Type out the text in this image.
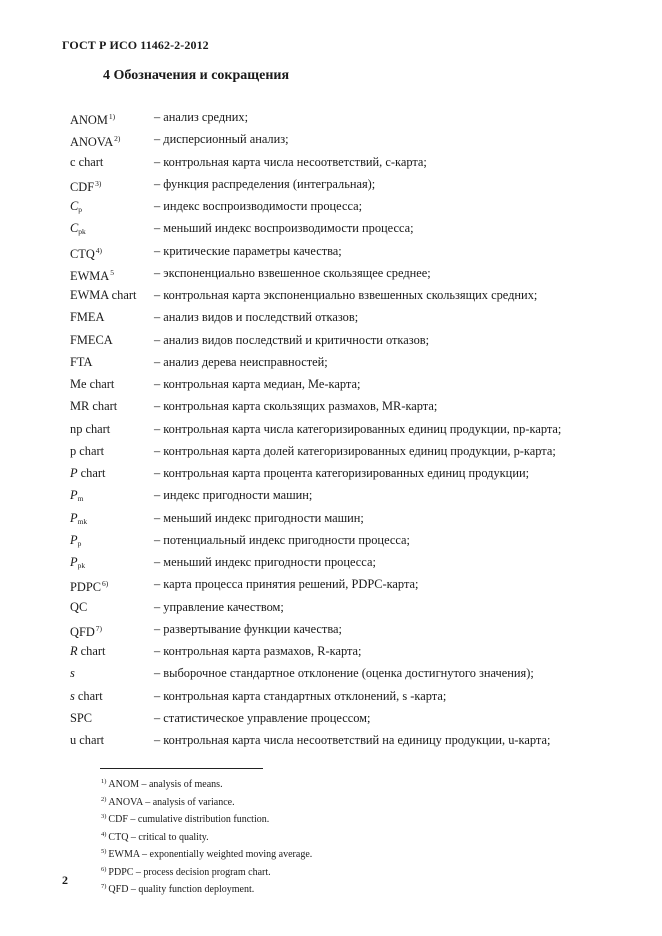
ГОСТ Р ИСО 11462-2-2012
4 Обозначения и сокращения
ANOM$^{1)}$	– анализ средних;
ANOVA$^{2)}$	– дисперсионный анализ;
c chart	– контрольная карта числа несоответствий, с-карта;
CDF$^{3)}$	– функция распределения (интегральная);
$C_p$	– индекс воспроизводимости процесса;
$C_{pk}$	– меньший индекс воспроизводимости процесса;
CTQ$^{4)}$	– критические параметры качества;
EWMA$^5$	– экспоненциально взвешенное скользящее среднее;
EWMA chart – контрольная карта экспоненциально взвешенных скользящих средних;
FMEA	– анализ видов и последствий отказов;
FMECA	– анализ видов последствий и критичности отказов;
FTA	– анализ дерева неисправностей;
Me chart	– контрольная карта медиан, Ме-карта;
MR chart	– контрольная карта скользящих размахов, MR-карта;
np chart	– контрольная карта числа категоризированных единиц продукции, np-карта;
p chart	– контрольная карта долей категоризированных единиц продукции, p-карта;
P chart	– контрольная карта процента категоризированных единиц продукции;
$P_m$	– индекс пригодности машин;
$P_{mk}$	– меньший индекс пригодности машин;
$P_p$	– потенциальный индекс пригодности процесса;
$P_{pk}$	– меньший индекс пригодности процесса;
PDPC$^{6)}$	– карта процесса принятия решений, PDPC-карта;
QC	– управление качеством;
QFD$^{7)}$	– развертывание функции качества;
R chart	– контрольная карта размахов, R-карта;
s	– выборочное стандартное отклонение (оценка достигнутого значения);
s chart	– контрольная карта стандартных отклонений, s -карта;
SPC	– статистическое управление процессом;
u chart	– контрольная карта числа несоответствий на единицу продукции, u-карта;
$^{1)}$ ANOM – analysis of means.
$^{2)}$ ANOVA – analysis of variance.
$^{3)}$ CDF – cumulative distribution function.
$^{4)}$ CTQ – critical to quality.
$^{5)}$ EWMA – exponentially weighted moving average.
$^{6)}$ PDPC – process decision program chart.
$^{7)}$ QFD – quality function deployment.
2
